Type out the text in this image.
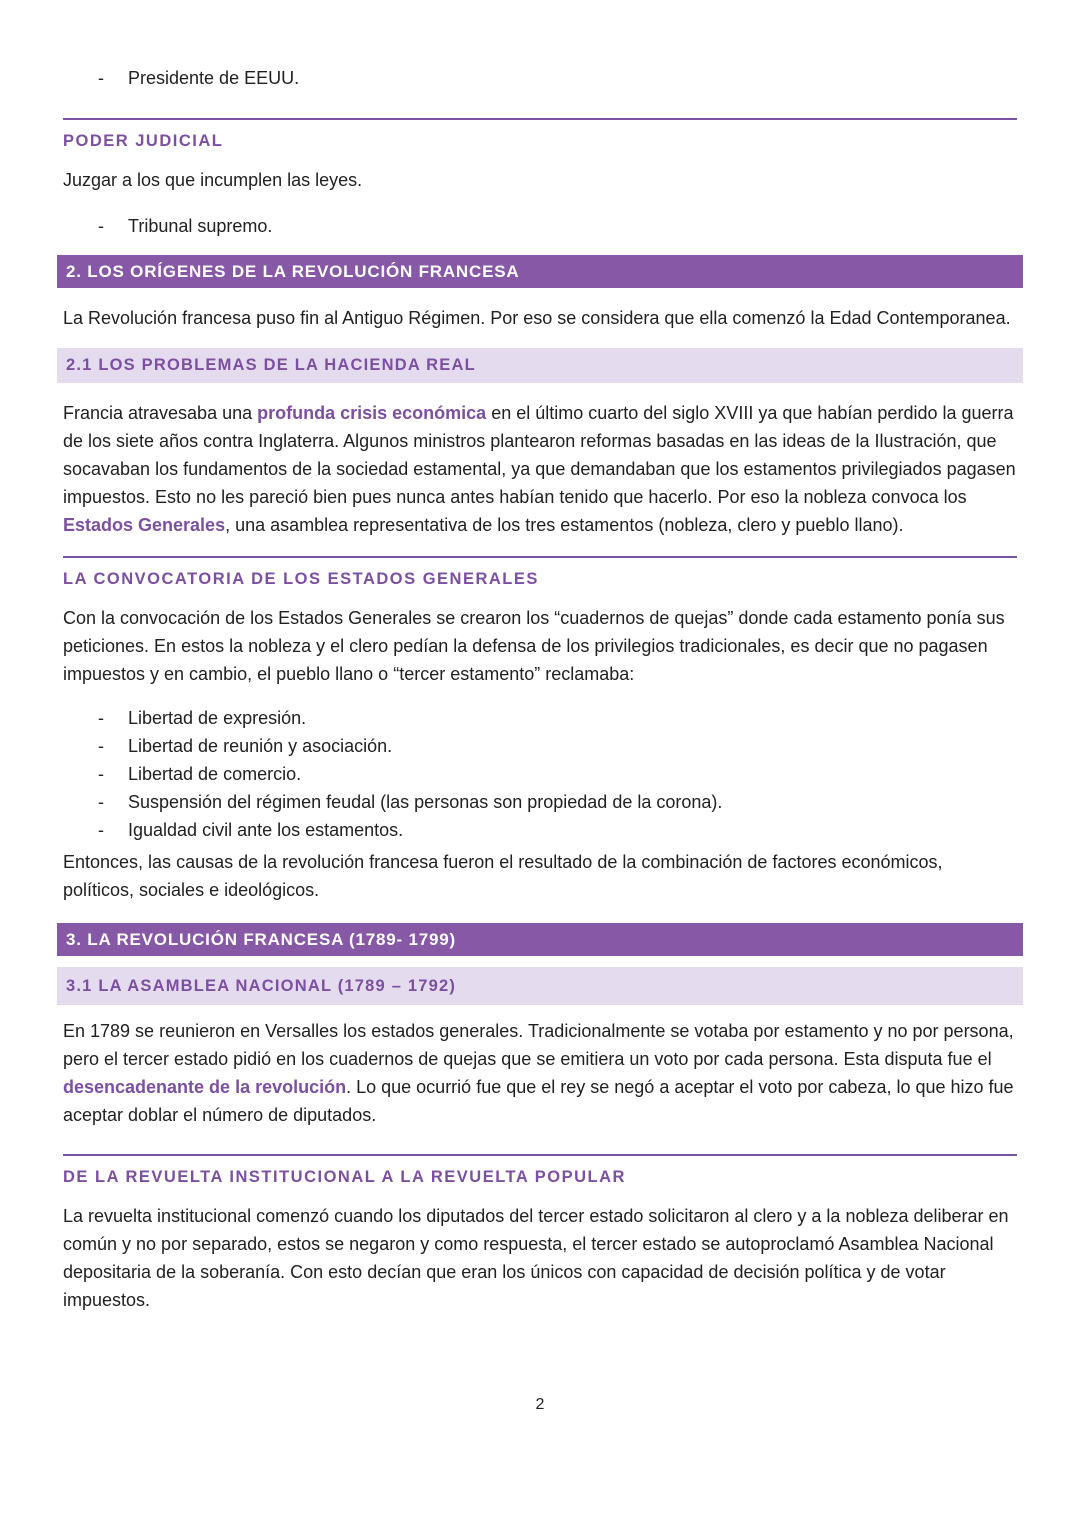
- Presidente de EEUU.
PODER JUDICIAL

Juzgar a los que incumplen las leyes.

- Tribunal supremo.
2. LOS ORÍGENES DE LA REVOLUCIÓN FRANCESA

La Revolución francesa puso fin al Antiguo Régimen. Por eso se considera que ella comenzó la Edad Contemporanea.

2.1 LOS PROBLEMAS DE LA HACIENDA REAL

Francia atravesaba una profunda crisis económica en el último cuarto del siglo XVIII ya que habían perdido la guerra de los siete años contra Inglaterra. Algunos ministros plantearon reformas basadas en las ideas de la Ilustración, que socavaban los fundamentos de la sociedad estamental, ya que demandaban que los estamentos privilegiados pagasen impuestos. Esto no les pareció bien pues nunca antes habían tenido que hacerlo. Por eso la nobleza convoca los Estados Generales, una asamblea representativa de los tres estamentos (nobleza, clero y pueblo llano).

LA CONVOCATORIA DE LOS ESTADOS GENERALES

Con la convocación de los Estados Generales se crearon los “cuadernos de quejas” donde cada estamento ponía sus peticiones. En estos la nobleza y el clero pedían la defensa de los privilegios tradicionales, es decir que no pagasen impuestos y en cambio, el pueblo llano o “tercer estamento” reclamaba:

- Libertad de expresión.
- Libertad de reunión y asociación.
- Libertad de comercio.
- Suspensión del régimen feudal (las personas son propiedad de la corona).
- Igualdad civil ante los estamentos.

Entonces, las causas de la revolución francesa fueron el resultado de la combinación de factores económicos, políticos, sociales e ideológicos.

3. LA REVOLUCIÓN FRANCESA (1789- 1799)
3.1 LA ASAMBLEA NACIONAL (1789 – 1792)

En 1789 se reunieron en Versalles los estados generales. Tradicionalmente se votaba por estamento y no por persona, pero el tercer estado pidió en los cuadernos de quejas que se emitiera un voto por cada persona. Esta disputa fue el desencadenante de la revolución. Lo que ocurrió fue que el rey se negó a aceptar el voto por cabeza, lo que hizo fue aceptar doblar el número de diputados.

DE LA REVUELTA INSTITUCIONAL A LA REVUELTA POPULAR

La revuelta institucional comenzó cuando los diputados del tercer estado solicitaron al clero y a la nobleza deliberar en común y no por separado, estos se negaron y como respuesta, el tercer estado se autoproclamó Asamblea Nacional depositaria de la soberanía. Con esto decían que eran los únicos con capacidad de decisión política y de votar impuestos.

2
